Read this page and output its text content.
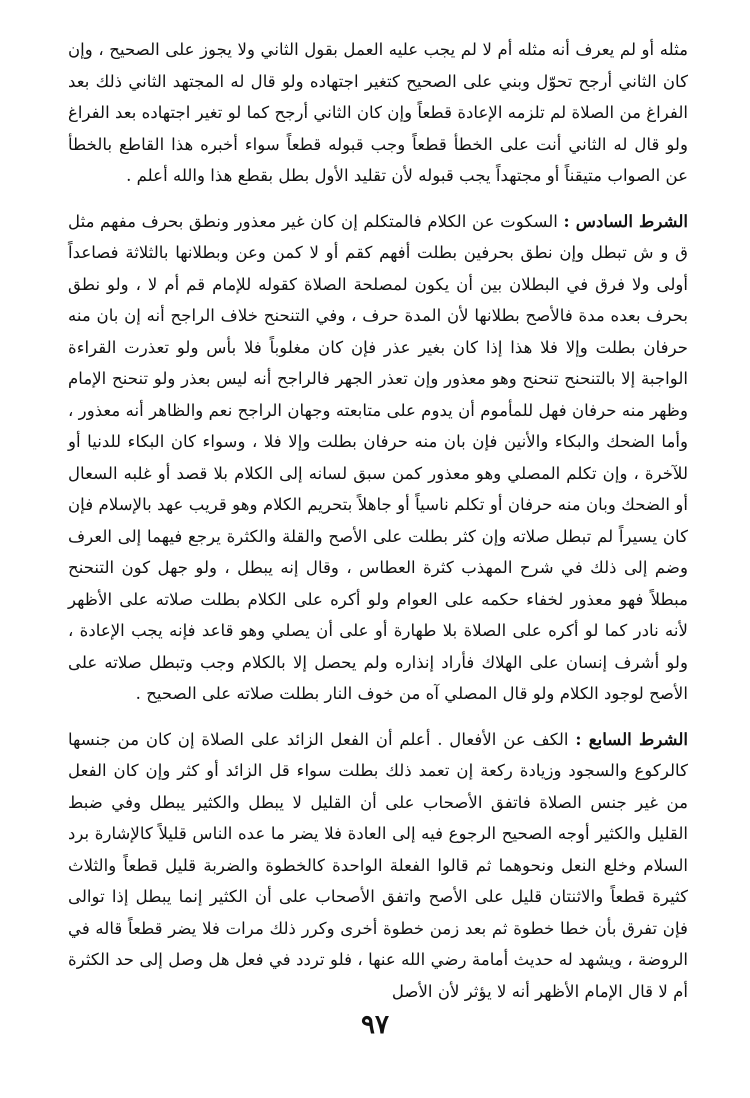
مثله أو لم يعرف أنه مثله أم لا لم يجب عليه العمل بقول الثاني ولا يجوز على الصحيح ، وإن كان الثاني أرجح تحوّل وبني على الصحيح كتغير اجتهاده ولو قال له المجتهد الثاني ذلك بعد الفراغ من الصلاة لم تلزمه الإعادة قطعاً وإن كان الثاني أرجح كما لو تغير اجتهاده بعد الفراغ ولو قال له الثاني أنت على الخطأ قطعاً وجب قبوله قطعاً سواء أخبره هذا القاطع بالخطأ عن الصواب متيقناً أو مجتهداً يجب قبوله لأن تقليد الأول بطل بقطع هذا والله أعلم .

الشرط السادس : السكوت عن الكلام فالمتكلم إن كان غير معذور ونطق بحرف مفهم مثل ق و ش تبطل وإن نطق بحرفين بطلت أفهم كقم أو لا كمن وعن وبطلانها بالثلاثة فصاعداً أولى ولا فرق في البطلان بين أن يكون لمصلحة الصلاة كقوله للإمام قم أم لا ، ولو نطق بحرف بعده مدة فالأصح بطلانها لأن المدة حرف ، وفي التنحنح خلاف الراجح أنه إن بان منه حرفان بطلت وإلا فلا هذا إذا كان بغير عذر فإن كان مغلوباً فلا بأس ولو تعذرت القراءة الواجبة إلا بالتنحنح تنحنح وهو معذور وإن تعذر الجهر فالراجح أنه ليس بعذر ولو تنحنح الإمام وظهر منه حرفان فهل للمأموم أن يدوم على متابعته وجهان الراجح نعم والظاهر أنه معذور ، وأما الضحك والبكاء والأنين فإن بان منه حرفان بطلت وإلا فلا ، وسواء كان البكاء للدنيا أو للآخرة ، وإن تكلم المصلي وهو معذور كمن سبق لسانه إلى الكلام بلا قصد أو غلبه السعال أو الضحك وبان منه حرفان أو تكلم ناسياً أو جاهلاً بتحريم الكلام وهو قريب عهد بالإسلام فإن كان يسيراً لم تبطل صلاته وإن كثر بطلت على الأصح والقلة والكثرة يرجع فيهما إلى العرف وضم إلى ذلك في شرح المهذب كثرة العطاس ، وقال إنه يبطل ، ولو جهل كون التنحنح مبطلاً فهو معذور لخفاء حكمه على العوام ولو أكره على الكلام بطلت صلاته على الأظهر لأنه نادر كما لو أكره على الصلاة بلا طهارة أو على أن يصلي وهو قاعد فإنه يجب الإعادة ، ولو أشرف إنسان على الهلاك فأراد إنذاره ولم يحصل إلا بالكلام وجب وتبطل صلاته على الأصح لوجود الكلام ولو قال المصلي آه من خوف النار بطلت صلاته على الصحيح .

الشرط السابع : الكف عن الأفعال . أعلم أن الفعل الزائد على الصلاة إن كان من جنسها كالركوع والسجود وزيادة ركعة إن تعمد ذلك بطلت سواء قل الزائد أو كثر وإن كان الفعل من غير جنس الصلاة فاتفق الأصحاب على أن القليل لا يبطل والكثير يبطل وفي ضبط القليل والكثير أوجه الصحيح الرجوع فيه إلى العادة فلا يضر ما عده الناس قليلاً كالإشارة برد السلام وخلع النعل ونحوهما ثم قالوا الفعلة الواحدة كالخطوة والضربة قليل قطعاً والثلاث كثيرة قطعاً والاثنتان قليل على الأصح واتفق الأصحاب على أن الكثير إنما يبطل إذا توالى فإن تفرق بأن خطا خطوة ثم بعد زمن خطوة أخرى وكرر ذلك مرات فلا يضر قطعاً قاله في الروضة ، ويشهد له حديث أمامة رضي الله عنها ، فلو تردد في فعل هل وصل إلى حد الكثرة أم لا قال الإمام الأظهر أنه لا يؤثر لأن الأصل

٩٧
